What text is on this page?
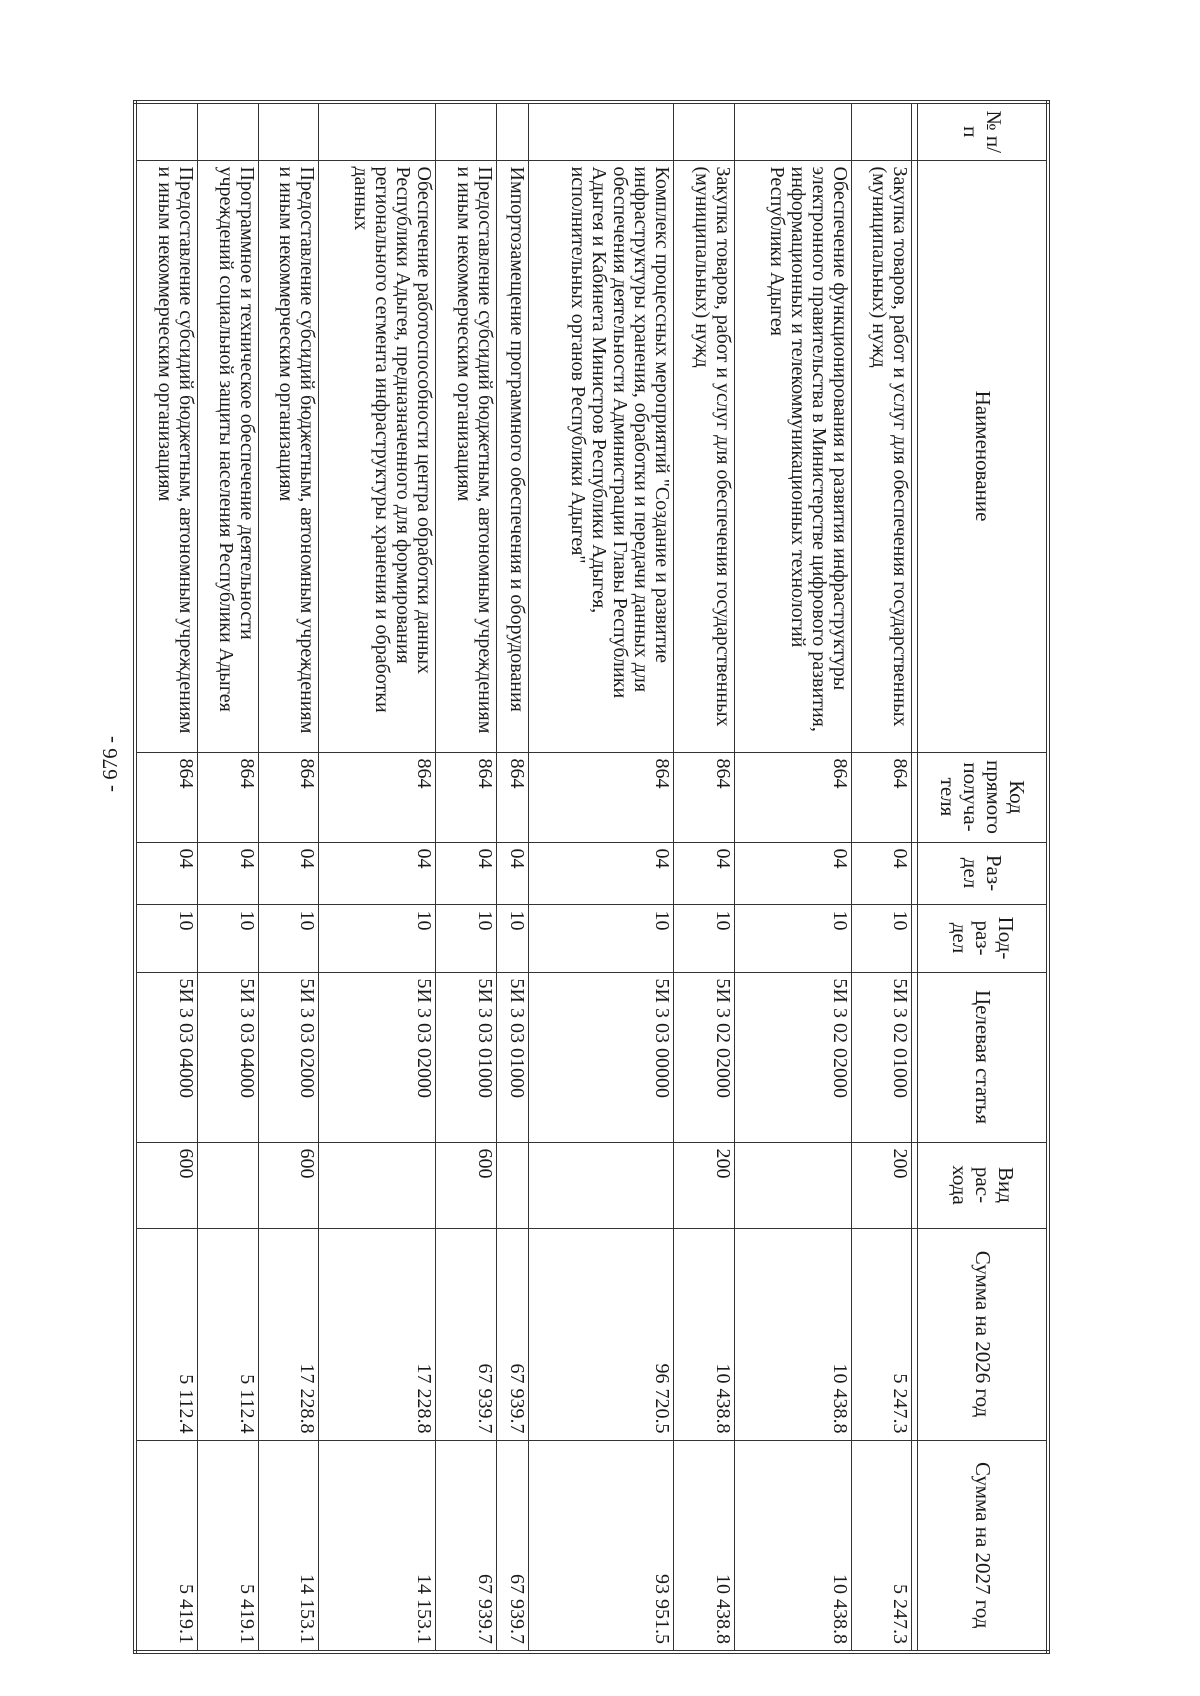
- 676 -
№ п/п	Наименование	Код прямого получа- теля	Раз- дел	Под- раз- дел	Целевая статья	Вид рас- хода	Сумма на 2026 год	Сумма на 2027 год

	Закупка товаров, работ и услуг для обеспечения государственных (муниципальных) нужд	864	04	10	5И 3 02 01000	200	5 247.3	5 247.3
	Обеспечение функционирования и развития инфраструктуры электронного правительства в Министерстве цифрового развития, информационных и телекоммуникационных технологий Республики Адыгея	864	04	10	5И 3 02 02000		10 438.8	10 438.8
	Закупка товаров, работ и услуг для обеспечения государственных (муниципальных) нужд	864	04	10	5И 3 02 02000	200	10 438.8	10 438.8
	Комплекс процессных мероприятий "Создание и развитие инфраструктуры хранения, обработки и передачи данных для обеспечения деятельности Администрации Главы Республики Адыгея и Кабинета Министров Республики Адыгея, исполнительных органов Республики Адыгея"	864	04	10	5И 3 03 00000		96 720.5	93 951.5
	Импортозамещение программного обеспечения и оборудования	864	04	10	5И 3 03 01000		67 939.7	67 939.7
	Предоставление субсидий бюджетным, автономным учреждениям и иным некоммерческим организациям	864	04	10	5И 3 03 01000	600	67 939.7	67 939.7
	Обеспечение работоспособности центра обработки данных Республики Адыгея, предназначенного для формирования регионального сегмента инфраструктуры хранения и обработки данных	864	04	10	5И 3 03 02000		17 228.8	14 153.1
	Предоставление субсидий бюджетным, автономным учреждениям и иным некоммерческим организациям	864	04	10	5И 3 03 02000	600	17 228.8	14 153.1
	Программное и техническое обеспечение деятельности учреждений социальной защиты населения Республики Адыгея	864	04	10	5И 3 03 04000		5 112.4	5 419.1
	Предоставление субсидий бюджетным, автономным учреждениям и иным некоммерческим организациям	864	04	10	5И 3 03 04000	600	5 112.4	5 419.1
